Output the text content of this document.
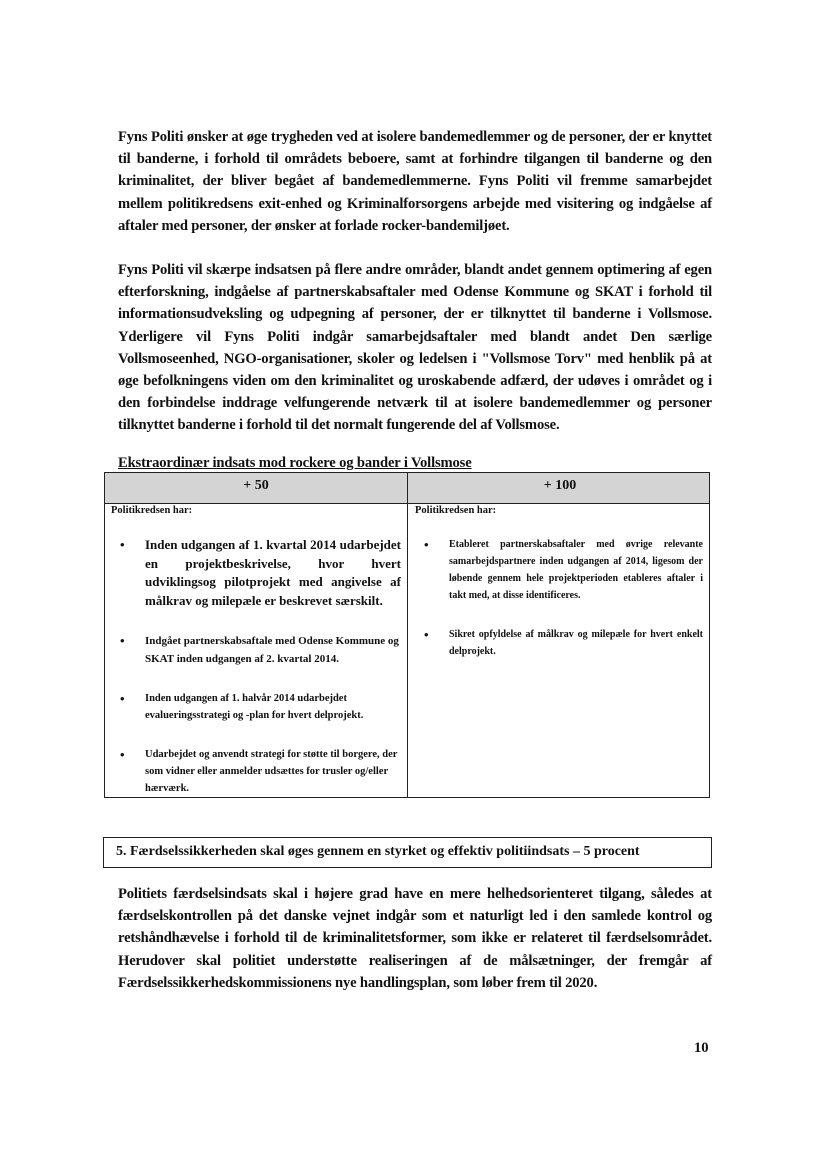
Fyns Politi ønsker at øge trygheden ved at isolere bandemedlemmer og de personer, der er knyttet til banderne, i forhold til områdets beboere, samt at forhindre tilgangen til banderne og den kriminalitet, der bliver begået af bandemedlemmerne. Fyns Politi vil fremme samarbejdet mellem politikredsens exit-enhed og Kriminalforsorgens arbejde med visitering og indgåelse af aftaler med personer, der ønsker at forlade rocker-bandemiljøet.
Fyns Politi vil skærpe indsatsen på flere andre områder, blandt andet gennem optimering af egen efterforskning, indgåelse af partnerskabsaftaler med Odense Kommune og SKAT i forhold til informationsudveksling og udpegning af personer, der er tilknyttet til banderne i Vollsmose. Yderligere vil Fyns Politi indgår samarbejdsaftaler med blandt andet Den særlige Vollsmoseenhed, NGO-organisationer, skoler og ledelsen i "Vollsmose Torv" med henblik på at øge befolkningens viden om den kriminalitet og uroskabende adfærd, der udøves i området og i den forbindelse inddrage velfungerende netværk til at isolere bandemedlemmer og personer tilknyttet banderne i forhold til det normalt fungerende del af Vollsmose.
Ekstraordinær indsats mod rockere og bander i Vollsmose
+ 50	+ 100
Politikredsen har:
• Inden udgangen af 1. kvartal 2014 udarbejdet en projektbeskrivelse, hvor hvert udviklingsog pilotprojekt med angivelse af målkrav og milepæle er beskrevet særskilt.
• Indgået partnerskabsaftale med Odense Kommune og SKAT inden udgangen af 2. kvartal 2014.
• Inden udgangen af 1. halvår 2014 udarbejdet evalueringsstrategi og -plan for hvert delprojekt.
• Udarbejdet og anvendt strategi for støtte til borgere, der som vidner eller anmelder udsættes for trusler og/eller hærværk.
Politikredsen har:
• Etableret partnerskabsaftaler med øvrige relevante samarbejdspartnere inden udgangen af 2014, ligesom der løbende gennem hele projektperioden etableres aftaler i takt med, at disse identificeres.
• Sikret opfyldelse af målkrav og milepæle for hvert enkelt delprojekt.
5. Færdselssikkerheden skal øges gennem en styrket og effektiv politiindsats – 5 procent
Politiets færdselsindsats skal i højere grad have en mere helhedsorienteret tilgang, således at færdselskontrollen på det danske vejnet indgår som et naturligt led i den samlede kontrol og retshåndhævelse i forhold til de kriminalitetsformer, som ikke er relateret til færdselsområdet. Herudover skal politiet understøtte realiseringen af de målsætninger, der fremgår af Færdselssikkerhedskommissionens nye handlingsplan, som løber frem til 2020.
10
